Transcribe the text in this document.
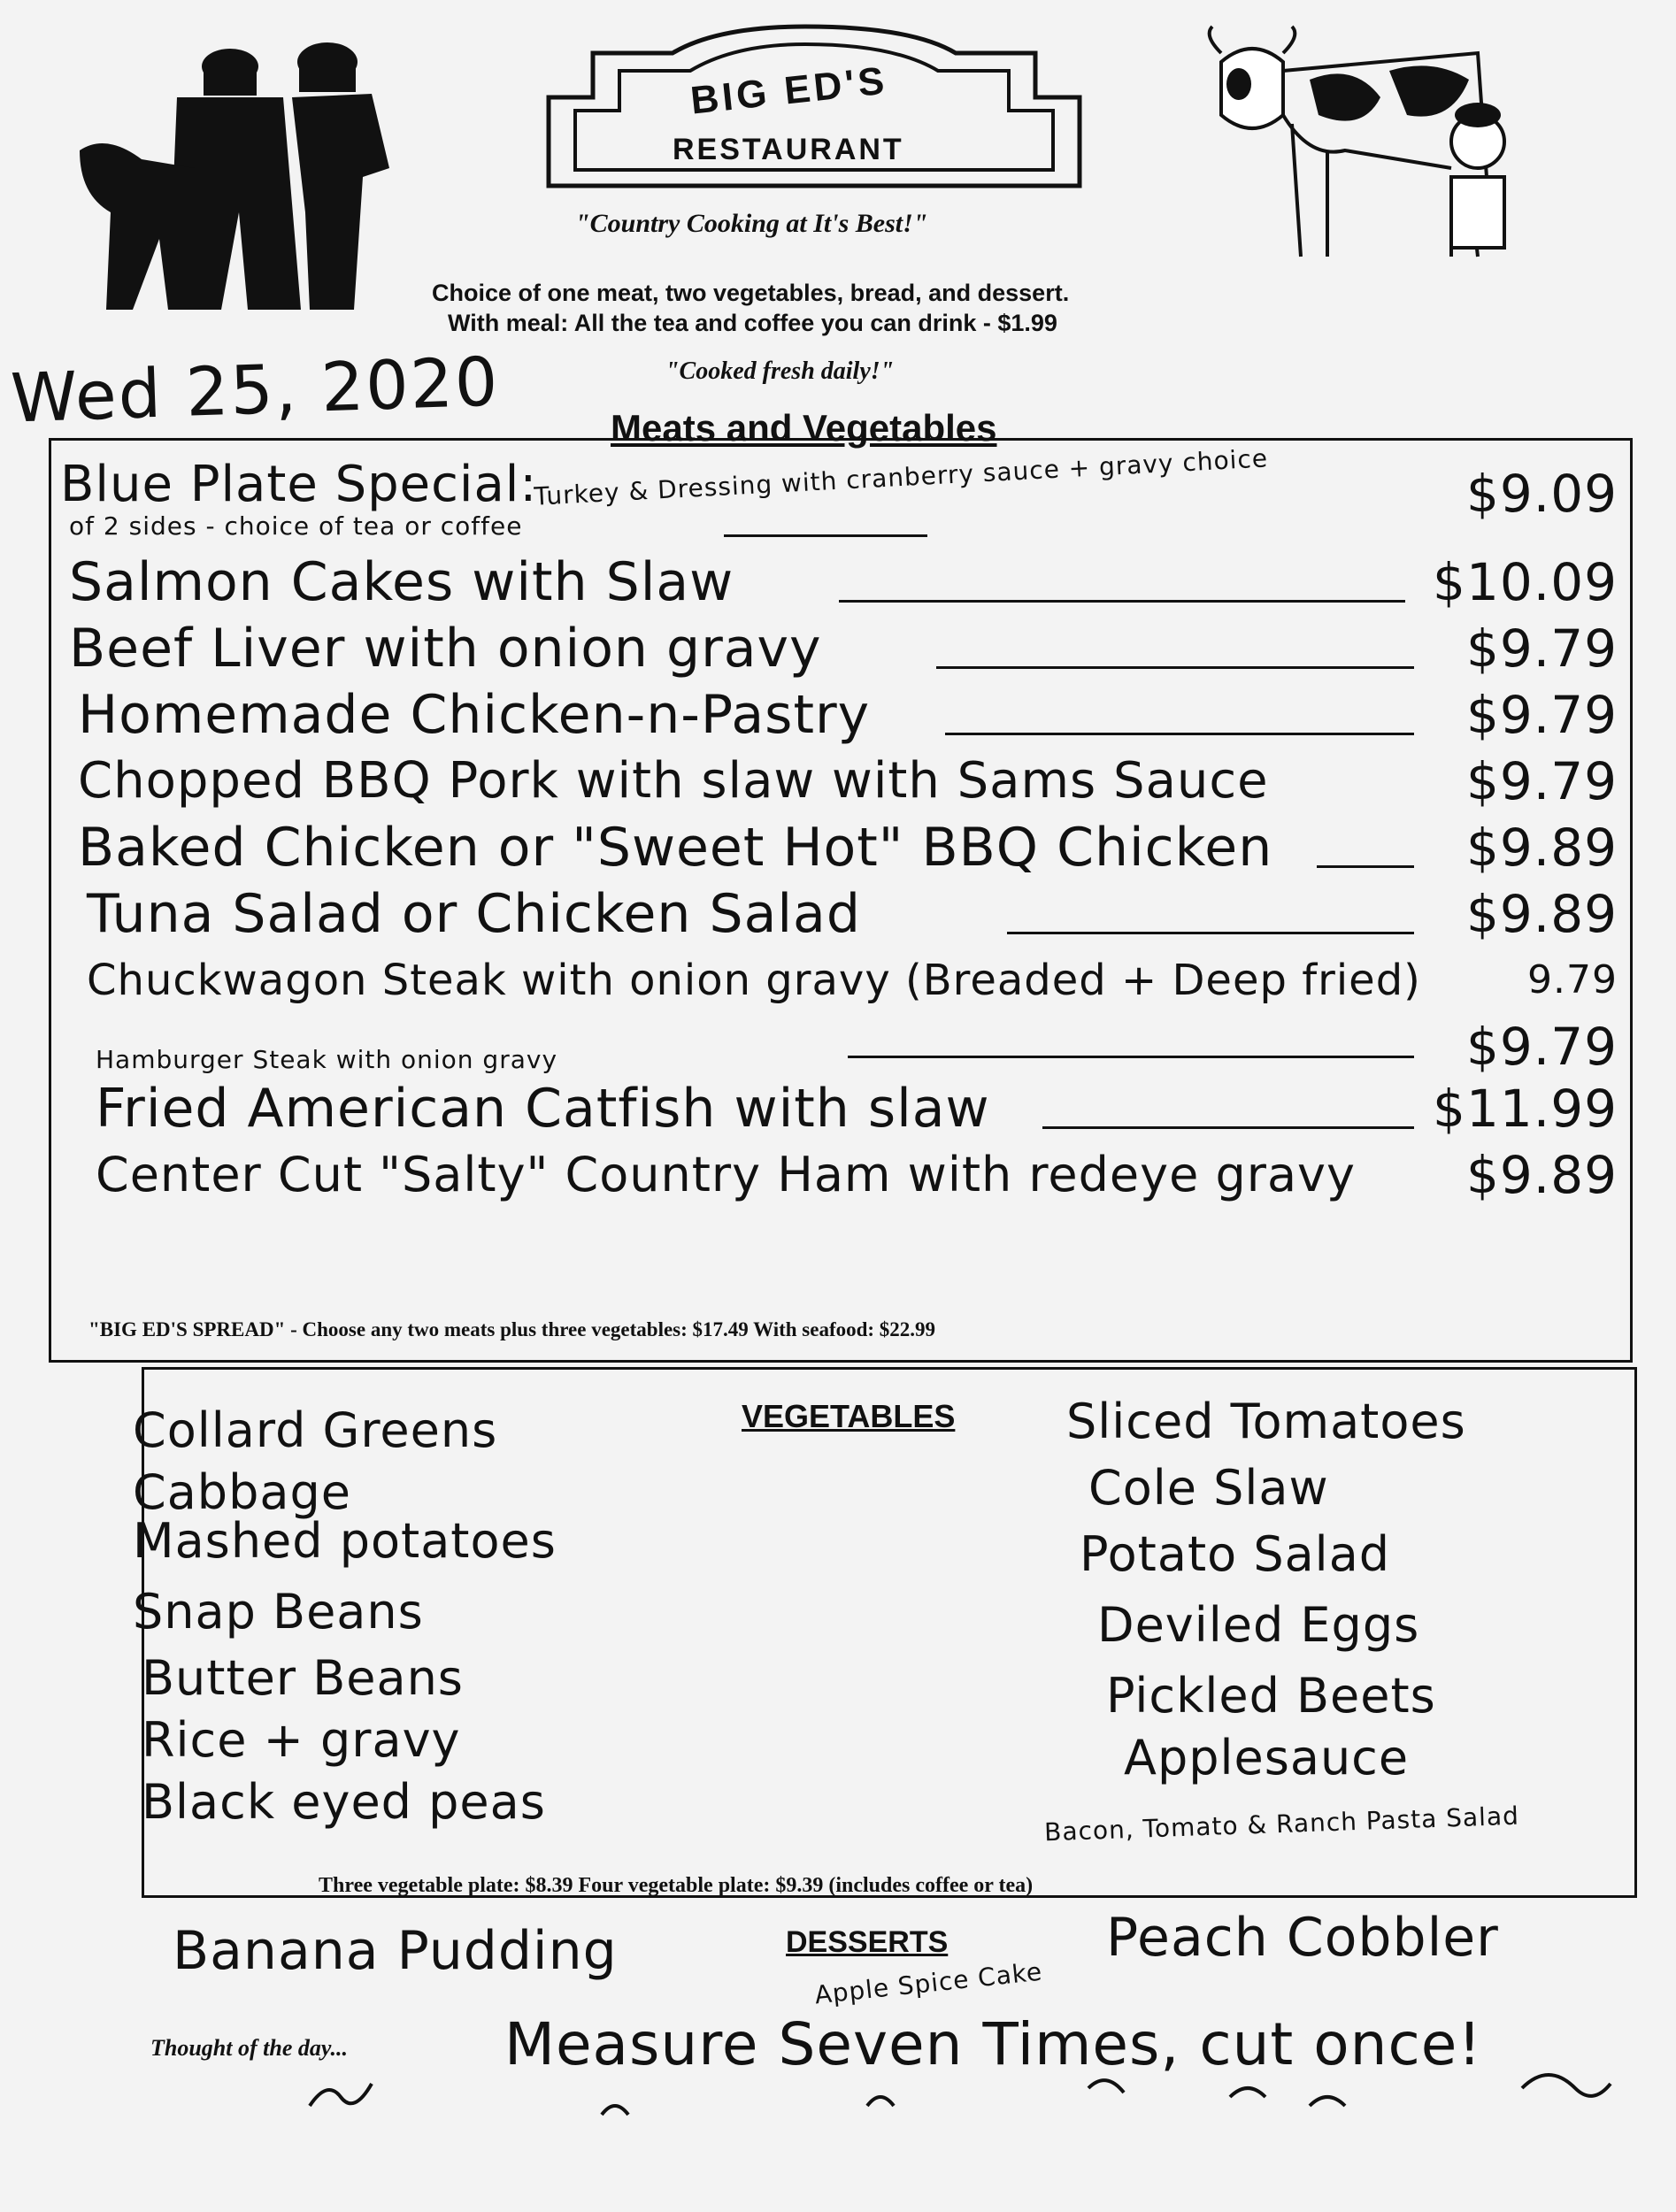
BIG ED'S
RESTAURANT
"Country Cooking at It's Best!"
Choice of one meat, two vegetables, bread, and dessert.
With meal: All the tea and coffee you can drink - $1.99
"Cooked fresh daily!"
Wed 25, 2020	Meats and Vegetables
Blue Plate Special:
Turkey & Dressing with cranberry sauce + gravy choice	$9.09
of 2 sides - choice of tea or coffee
Salmon Cakes with Slaw	$10.09
Beef Liver with onion gravy	$9.79
Homemade Chicken-n-Pastry	$9.79
Chopped BBQ Pork with slaw with Sams Sauce	$9.79
Baked Chicken or "Sweet Hot" BBQ Chicken	$9.89
Tuna Salad or Chicken Salad	$9.89
Chuckwagon Steak with onion gravy (Breaded + Deep fried)	9.79
Hamburger Steak with onion gravy	$9.79
Fried American Catfish with slaw	$11.99
Center Cut "Salty" Country Ham with redeye gravy $9.89
"BIG ED'S SPREAD" - Choose any two meats plus three vegetables: $17.49 With seafood: $22.99
VEGETABLES
Collard Greens
Cabbage
Mashed potatoes
Snap Beans
Butter Beans
Rice + gravy
Black eyed peas
Sliced Tomatoes
Cole Slaw
Potato Salad
Deviled Eggs
Pickled Beets
Applesauce
Bacon, Tomato & Ranch Pasta Salad
Three vegetable plate: $8.39 Four vegetable plate: $9.39 (includes coffee or tea)
DESSERTS
Banana Pudding	Peach Cobbler
Apple Spice Cake
Thought of the day...	Measure Seven Times, cut once!
